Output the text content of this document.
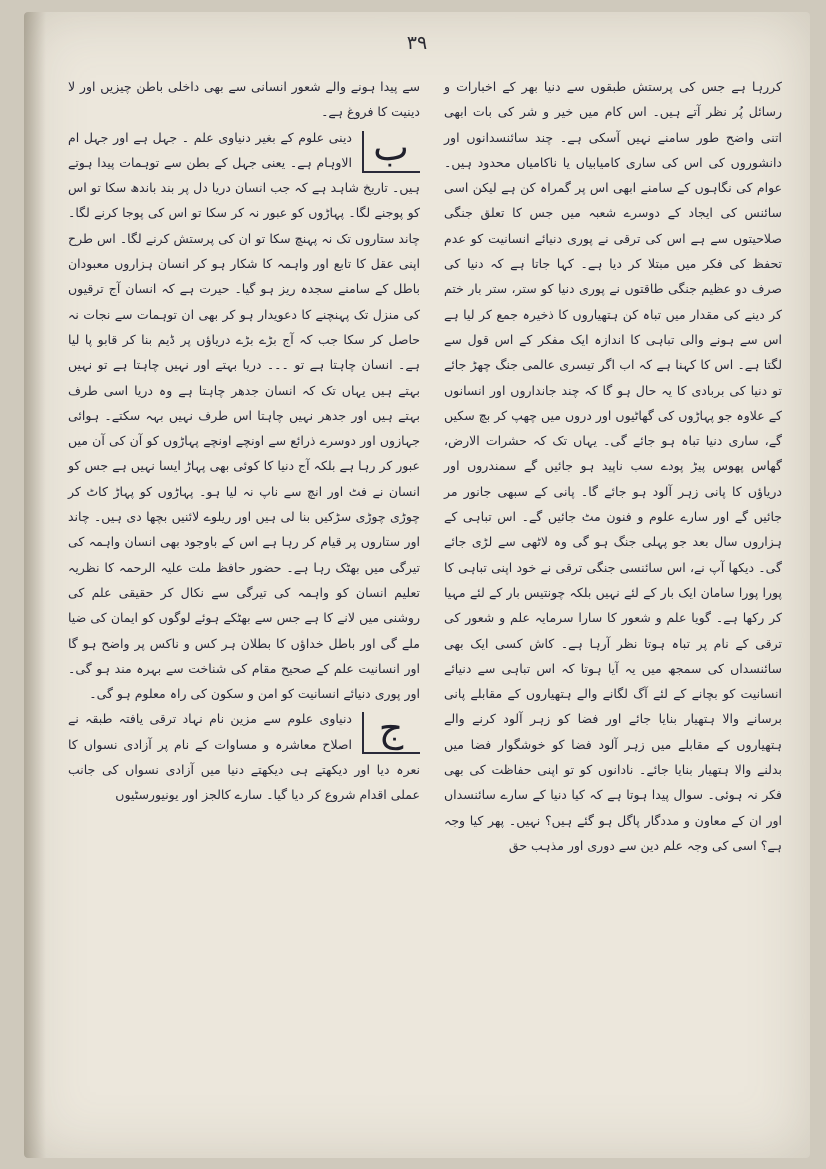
۳۹

کررہا ہے جس کی پرستش طبقوں سے دنیا بھر کے اخبارات و رسائل پُر نظر آتے ہیں۔ اس کام میں خیر و شر کی بات ابھی اتنی واضح طور سامنے نہیں آسکی ہے۔ چند سائنسدانوں اور دانشوروں کی اس کی ساری کامیابیاں یا ناکامیاں محدود ہیں۔ عوام کی نگاہوں کے سامنے ابھی اس پر گمراہ کن ہے لیکن اسی سائنس کی ایجاد کے دوسرے شعبہ میں جس کا تعلق جنگی صلاحیتوں سے ہے اس کی ترقی نے پوری دنیائے انسانیت کو عدم تحفظ کی فکر میں مبتلا کر دیا ہے۔ کہا جاتا ہے کہ دنیا کی صرف دو عظیم جنگی طاقتوں نے پوری دنیا کو ستر، ستر بار ختم کر دینے کی مقدار میں تباہ کن ہتھیاروں کا ذخیرہ جمع کر لیا ہے اس سے ہونے والی تباہی کا اندازہ ایک مفکر کے اس قول سے لگتا ہے۔ اس کا کہنا ہے کہ اب اگر تیسری عالمی جنگ چھڑ جائے تو دنیا کی بربادی کا یہ حال ہو گا کہ چند جانداروں اور انسانوں کے علاوہ جو پہاڑوں کی گھاٹیوں اور دروں میں چھپ کر بچ سکیں گے، ساری دنیا تباہ ہو جائے گی۔ یہاں تک کہ حشرات الارض، گھاس پھوس پیڑ پودے سب ناپید ہو جائیں گے سمندروں اور دریاؤں کا پانی زہر آلود ہو جائے گا۔ پانی کے سبھی جانور مر جائیں گے اور سارے علوم و فنون مٹ جائیں گے۔ اس تباہی کے ہزاروں سال بعد جو پہلی جنگ ہو گی وہ لاٹھی سے لڑی جائے گی۔ دیکھا آپ نے، اس سائنسی جنگی ترقی نے خود اپنی تباہی کا پورا پورا سامان ایک بار کے لئے نہیں بلکہ چونتیس بار کے لئے مہیا کر رکھا ہے۔ گویا علم و شعور کا سارا سرمایہ علم و شعور کی ترقی کے نام پر تباہ ہوتا نظر آرہا ہے۔ کاش کسی ایک بھی سائنسداں کی سمجھ میں یہ آیا ہوتا کہ اس تباہی سے دنیائے انسانیت کو بچانے کے لئے آگ لگانے والے ہتھیاروں کے مقابلے پانی برسانے والا ہتھیار بنایا جائے اور فضا کو زہر آلود کرنے والے ہتھیاروں کے مقابلے میں زہر آلود فضا کو خوشگوار فضا میں بدلنے والا ہتھیار بنایا جائے۔ نادانوں کو تو اپنی حفاظت کی بھی فکر نہ ہوئی۔ سوال پیدا ہوتا ہے کہ کیا دنیا کے سارے سائنسداں اور ان کے معاون و مددگار پاگل ہو گئے ہیں؟ نہیں۔ پھر کیا وجہ ہے؟ اسی کی وجہ علم دین سے دوری اور مذہب حق

سے پیدا ہونے والے شعور انسانی سے بھی داخلی باطن چیزیں اور لا دینیت کا فروغ ہے۔

ب

دینی علوم کے بغیر دنیاوی علم ۔ جہل ہے اور جہل ام الاوہام ہے۔ یعنی جہل کے بطن سے توہمات پیدا ہوتے ہیں۔ تاریخ شاہد ہے کہ جب انسان دریا دل پر بند باندھ سکا تو اس کو پوجنے لگا۔ پہاڑوں کو عبور نہ کر سکا تو اس کی پوجا کرنے لگا۔ چاند ستاروں تک نہ پہنچ سکا تو ان کی پرستش کرنے لگا۔ اس طرح اپنی عقل کا تابع اور واہمہ کا شکار ہو کر انسان ہزاروں معبودان باطل کے سامنے سجدہ ریز ہو گیا۔ حیرت ہے کہ انسان آج ترقیوں کی منزل تک پہنچنے کا دعویدار ہو کر بھی ان توہمات سے نجات نہ حاصل کر سکا جب کہ آج بڑے بڑے دریاؤں پر ڈیم بنا کر قابو پا لیا ہے۔ انسان چاہتا ہے تو ۔۔۔ دریا بہتے اور نہیں چاہتا ہے تو نہیں بہتے ہیں یہاں تک کہ انسان جدھر چاہتا ہے وہ دریا اسی طرف بہتے ہیں اور جدھر نہیں چاہتا اس طرف نہیں بہہ سکتے۔ ہوائی جہازوں اور دوسرے ذرائع سے اونچے اونچے پہاڑوں کو آن کی آن میں عبور کر رہا ہے بلکہ آج دنیا کا کوئی بھی پہاڑ ایسا نہیں ہے جس کو انسان نے فٹ اور انچ سے ناپ نہ لیا ہو۔ پہاڑوں کو پہاڑ کاٹ کر چوڑی چوڑی سڑکیں بنا لی ہیں اور ریلوے لائنیں بچھا دی ہیں۔ چاند اور ستاروں پر قیام کر رہا ہے اس کے باوجود بھی انسان واہمہ کی تیرگی میں بھٹک رہا ہے۔ حضور حافظ ملت علیہ الرحمہ کا نظریہ تعلیم انسان کو واہمہ کی تیرگی سے نکال کر حقیقی علم کی روشنی میں لانے کا ہے جس سے بھٹکے ہوئے لوگوں کو ایمان کی ضیا ملے گی اور باطل خداؤں کا بطلان ہر کس و ناکس پر واضح ہو گا اور انسانیت علم کے صحیح مقام کی شناخت سے بہرہ مند ہو گی۔ اور پوری دنیائے انسانیت کو امن و سکون کی راہ معلوم ہو گی۔

ج

دنیاوی علوم سے مزین نام نہاد ترقی یافتہ طبقہ نے اصلاح معاشرہ و مساوات کے نام پر آزادی نسواں کا نعرہ دیا اور دیکھتے ہی دیکھتے دنیا میں آزادی نسواں کی جانب عملی اقدام شروع کر دیا گیا۔ سارے کالجز اور یونیورسٹیوں
